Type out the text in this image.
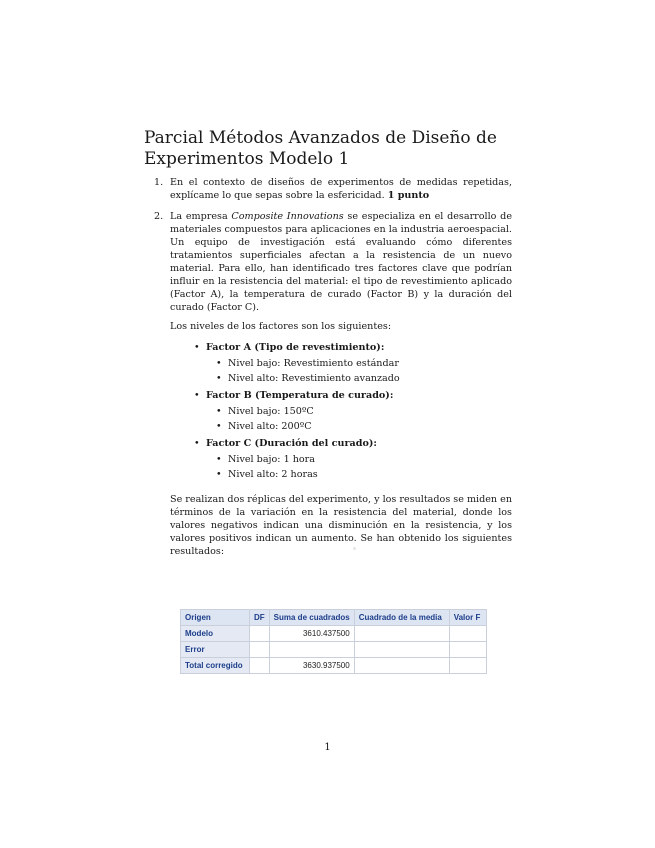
Parcial Métodos Avanzados de Diseño de Experimentos Modelo 1
1. En el contexto de diseños de experimentos de medidas repetidas, explícame lo que sepas sobre la esfericidad. 1 punto
2. La empresa Composite Innovations se especializa en el desarrollo de materiales compuestos para aplicaciones en la industria aeroespacial. Un equipo de investigación está evaluando cómo diferentes tratamientos superficiales afectan a la resistencia de un nuevo material. Para ello, han identificado tres factores clave que podrían influir en la resistencia del material: el tipo de revestimiento aplicado (Factor A), la temperatura de curado (Factor B) y la duración del curado (Factor C).

Los niveles de los factores son los siguientes:

• Factor A (Tipo de revestimiento):
• Nivel bajo: Revestimiento estándar
• Nivel alto: Revestimiento avanzado
• Factor B (Temperatura de curado):
• Nivel bajo: 150ºC
• Nivel alto: 200ºC
• Factor C (Duración del curado):
• Nivel bajo: 1 hora
• Nivel alto: 2 horas

Se realizan dos réplicas del experimento, y los resultados se miden en términos de la variación en la resistencia del material, donde los valores negativos indican una disminución en la resistencia, y los valores positivos indican un aumento. Se han obtenido los siguientes resultados:

Origen	DF	Suma de cuadrados	Cuadrado de la media	Valor F
Modelo		3610.437500		
Error				
Total corregido		3630.937500		
1
